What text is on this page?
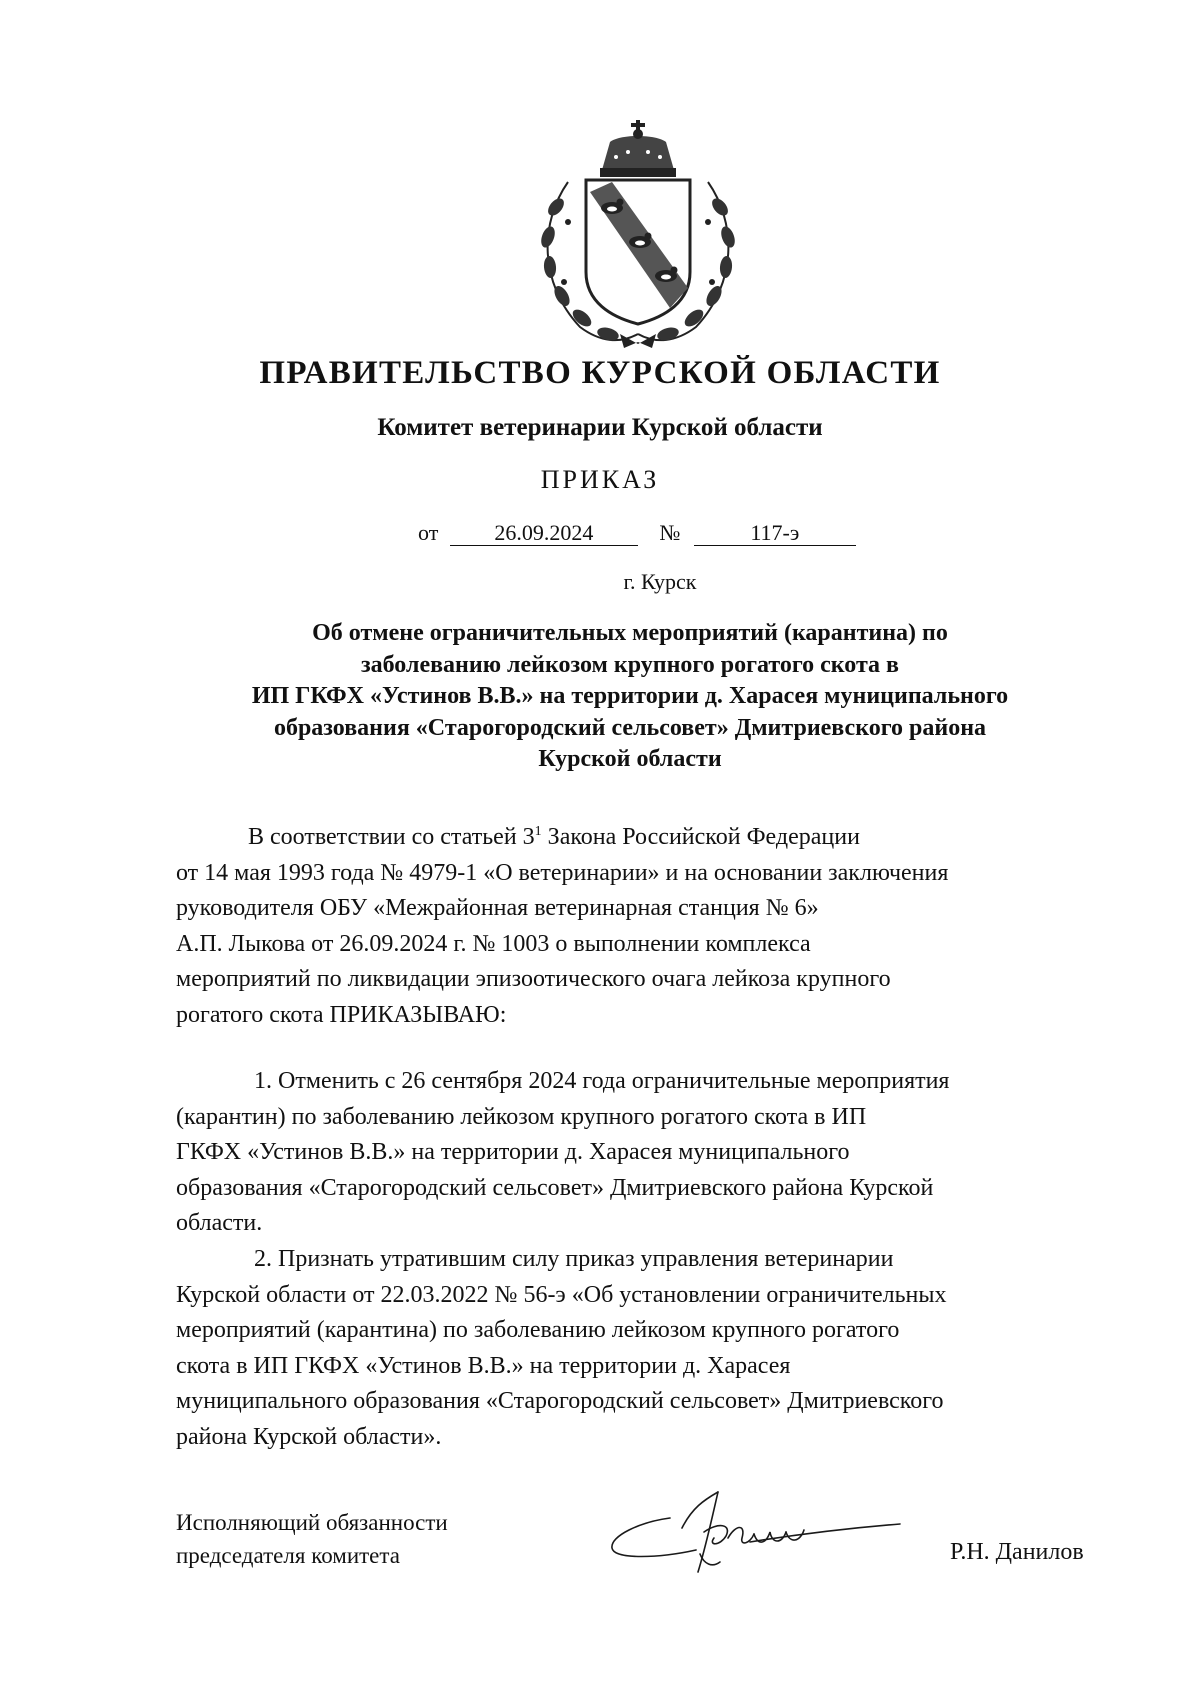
ПРАВИТЕЛЬСТВО КУРСКОЙ ОБЛАСТИ
Комитет ветеринарии Курской области
ПРИКАЗ
от	26.09.2024	№	117-э
г. Курск
Об отмене ограничительных мероприятий (карантина) по
заболеванию лейкозом крупного рогатого скота в
ИП ГКФХ «Устинов В.В.» на территории д. Харасея муниципального
образования «Старогородский сельсовет» Дмитриевского района
Курской области
В соответствии со статьей $3^1$ Закона Российской Федерации
от 14 мая 1993 года № 4979-1 «О ветеринарии» и на основании заключения
руководителя ОБУ «Межрайонная ветеринарная станция № 6»
А.П. Лыкова от 26.09.2024 г. № 1003 о выполнении комплекса
мероприятий по ликвидации эпизоотического очага лейкоза крупного
рогатого скота ПРИКАЗЫВАЮ:
1. Отменить с 26 сентября 2024 года ограничительные мероприятия
(карантин) по заболеванию лейкозом крупного рогатого скота в ИП
ГКФХ «Устинов В.В.» на территории д. Харасея муниципального
образования «Старогородский сельсовет» Дмитриевского района Курской
области.
2. Признать утратившим силу приказ управления ветеринарии
Курской области от 22.03.2022 № 56-э «Об установлении ограничительных
мероприятий (карантина) по заболеванию лейкозом крупного рогатого
скота в ИП ГКФХ «Устинов В.В.» на территории д. Харасея
муниципального образования «Старогородский сельсовет» Дмитриевского
района Курской области».
Исполняющий обязанности
председателя комитета	Р.Н. Данилов
